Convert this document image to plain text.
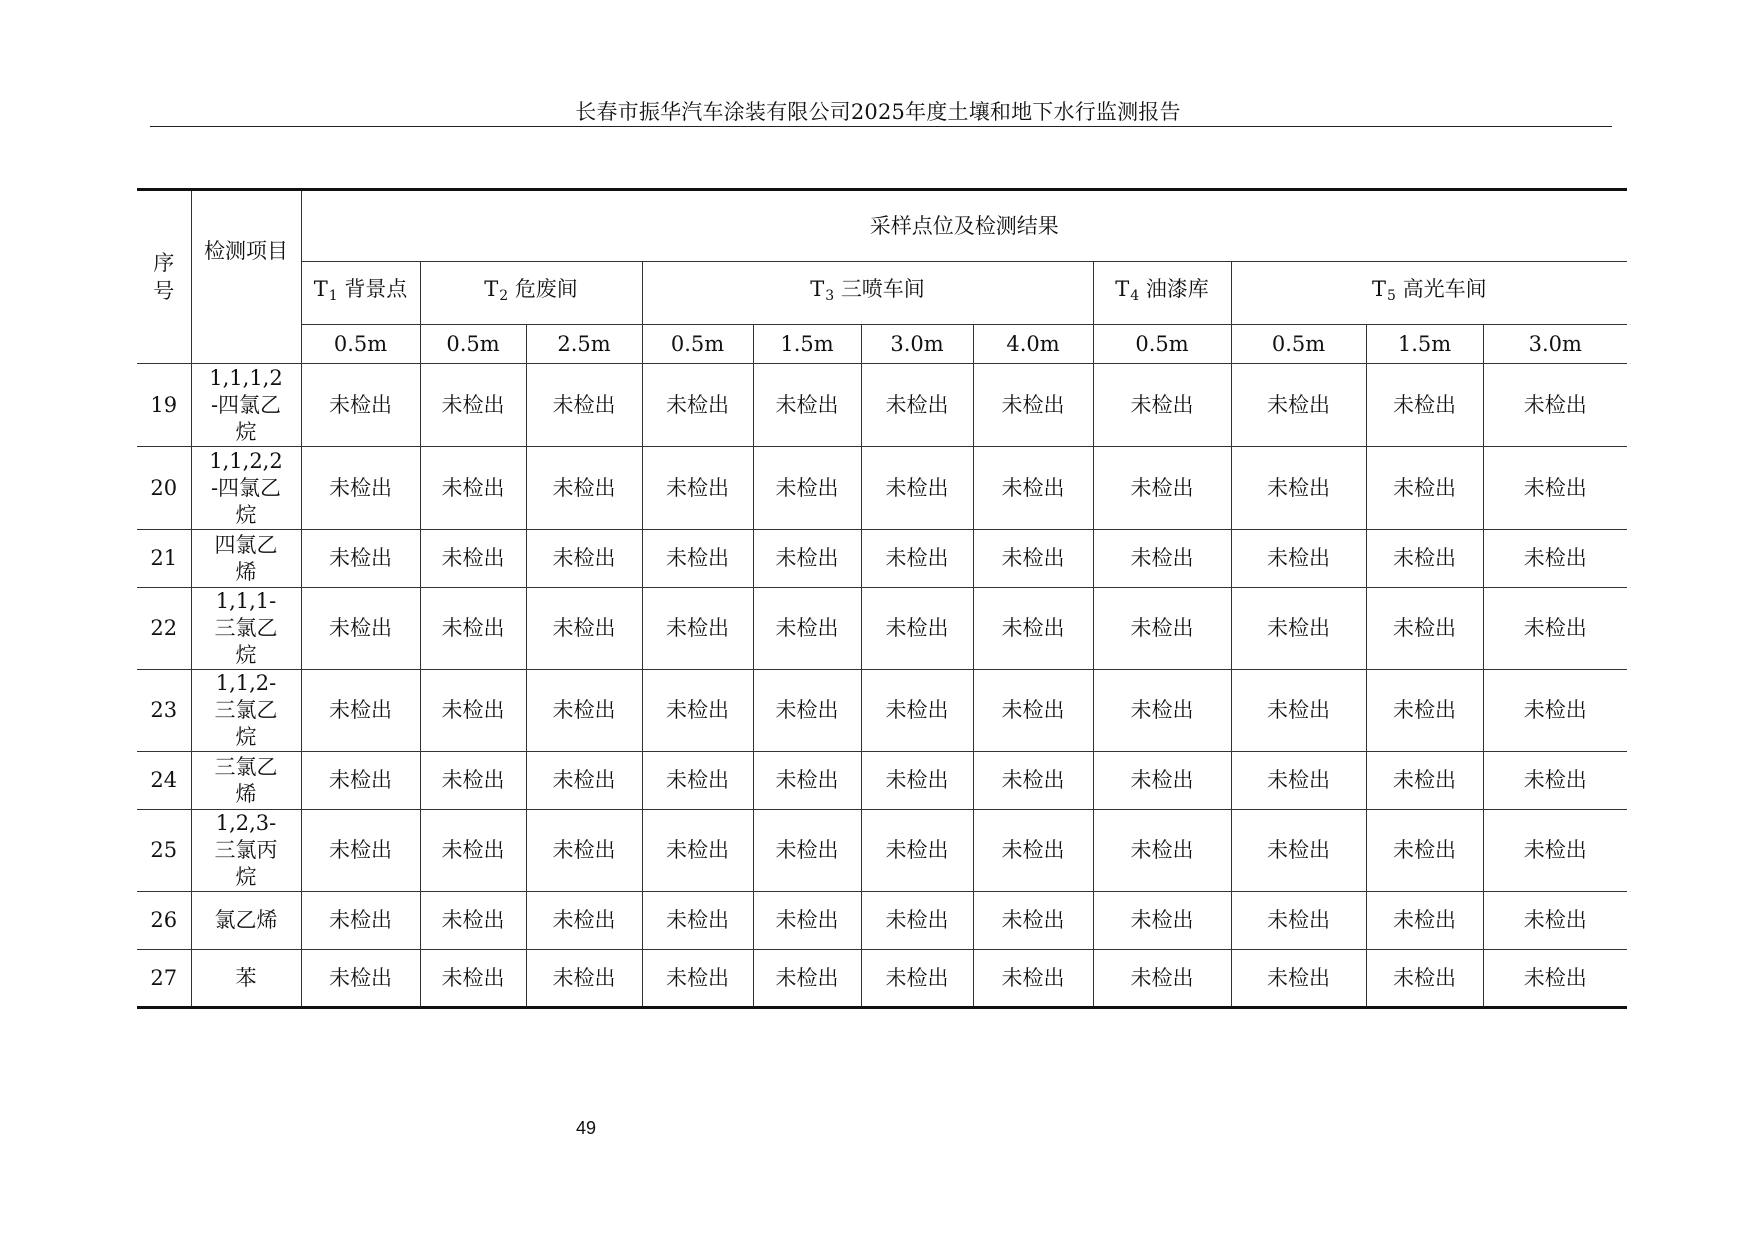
长春市振华汽车涂装有限公司2025年度土壤和地下水行监测报告
序号	检测项目	采样点位及检测结果										
		$T_1$ 背景点	$T_2$ 危废间		$T_3$ 三喷车间				$T_4$ 油漆库	$T_5$ 高光车间		
		0.5m	0.5m	2.5m	0.5m	1.5m	3.0m	4.0m	0.5m	0.5m	1.5m	3.0m
19	1,1,1,2-四氯乙烷	未检出	未检出	未检出	未检出	未检出	未检出	未检出	未检出	未检出	未检出	未检出
20	1,1,2,2-四氯乙烷	未检出	未检出	未检出	未检出	未检出	未检出	未检出	未检出	未检出	未检出	未检出
21	四氯乙烯	未检出	未检出	未检出	未检出	未检出	未检出	未检出	未检出	未检出	未检出	未检出
22	1,1,1-三氯乙烷	未检出	未检出	未检出	未检出	未检出	未检出	未检出	未检出	未检出	未检出	未检出
23	1,1,2-三氯乙烷	未检出	未检出	未检出	未检出	未检出	未检出	未检出	未检出	未检出	未检出	未检出
24	三氯乙烯	未检出	未检出	未检出	未检出	未检出	未检出	未检出	未检出	未检出	未检出	未检出
25	1,2,3-三氯丙烷	未检出	未检出	未检出	未检出	未检出	未检出	未检出	未检出	未检出	未检出	未检出
26	氯乙烯	未检出	未检出	未检出	未检出	未检出	未检出	未检出	未检出	未检出	未检出	未检出
27	苯	未检出	未检出	未检出	未检出	未检出	未检出	未检出	未检出	未检出	未检出	未检出
49
